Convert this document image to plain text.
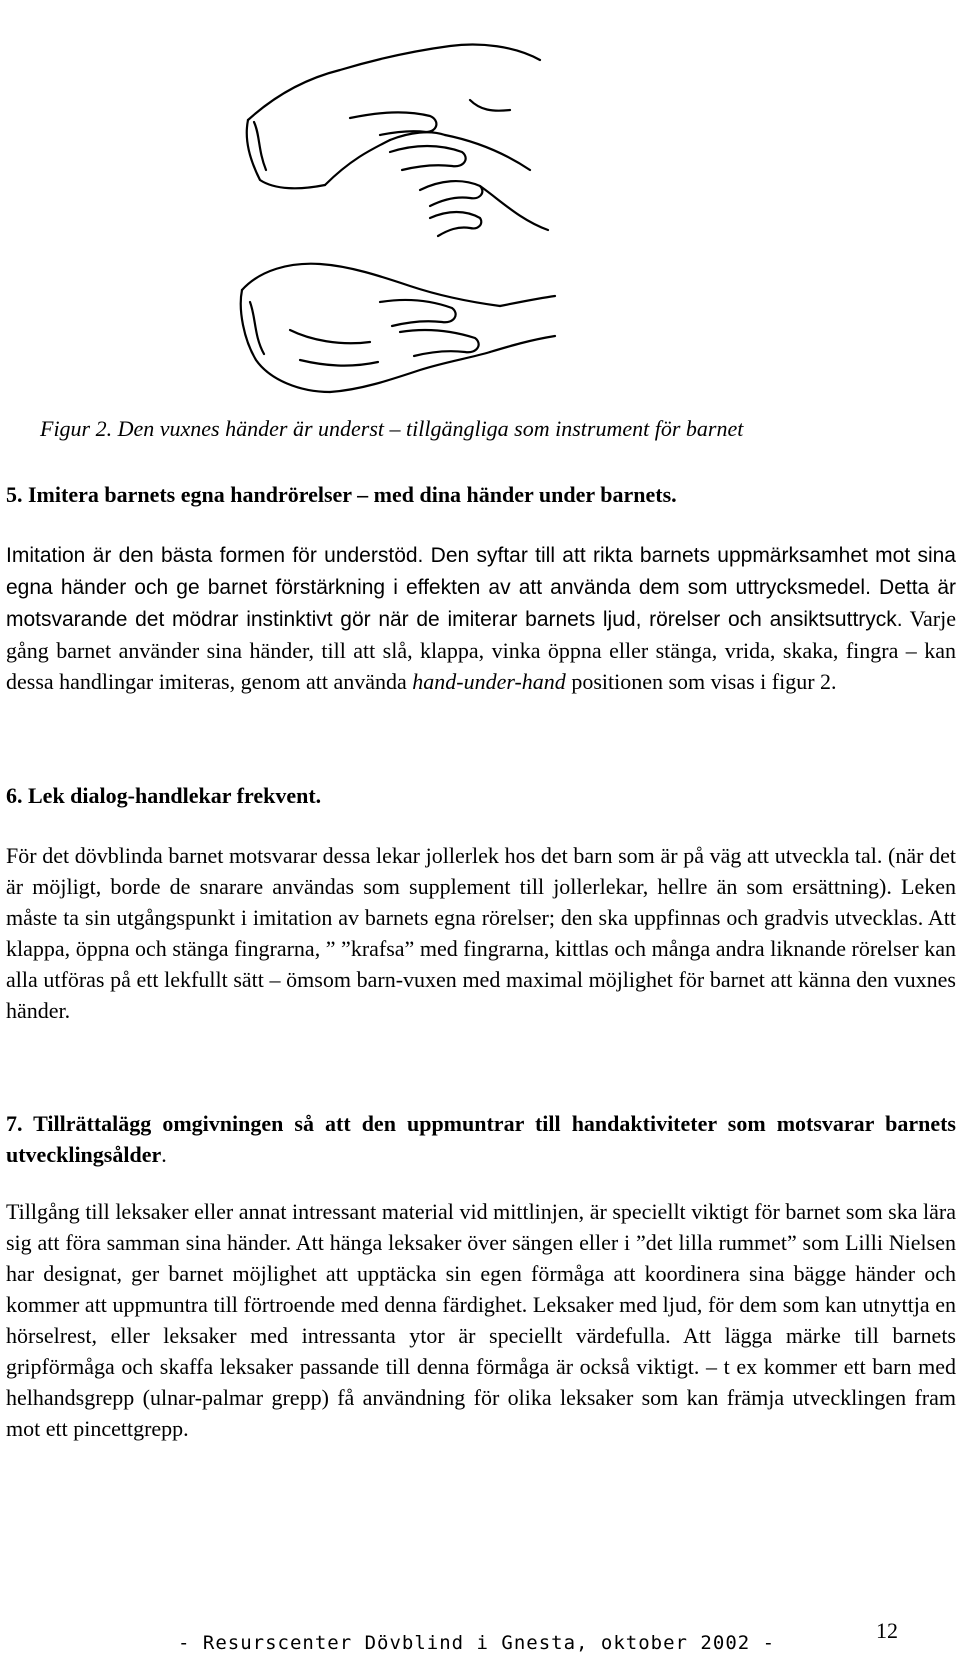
Figur 2. Den vuxnes händer är underst – tillgängliga som instrument för barnet
5. Imitera barnets egna handrörelser – med dina händer under barnets.
Imitation är den bästa formen för understöd. Den syftar till att rikta barnets uppmärksamhet mot sina egna händer och ge barnet förstärkning i effekten av att använda dem som uttrycksmedel. Detta är motsvarande det mödrar instinktivt gör när de imiterar barnets ljud, rörelser och ansiktsuttryck. Varje gång barnet använder sina händer, till att slå, klappa, vinka öppna eller stänga, vrida, skaka, fingra – kan dessa handlingar imiteras, genom att använda hand-under-hand positionen som visas i figur 2.
6. Lek dialog-handlekar frekvent.
För det dövblinda barnet motsvarar dessa lekar jollerlek hos det barn som är på väg att utveckla tal. (när det är möjligt, borde de snarare användas som supplement till jollerlekar, hellre än som ersättning). Leken måste ta sin utgångspunkt i imitation av barnets egna rörelser; den ska uppfinnas och gradvis utvecklas. Att klappa, öppna och stänga fingrarna, ” ”krafsa” med fingrarna, kittlas och många andra liknande rörelser kan alla utföras på ett lekfullt sätt – ömsom barn-vuxen med maximal möjlighet för barnet att känna den vuxnes händer.
7. Tillrättalägg omgivningen så att den uppmuntrar till handaktiviteter som motsvarar barnets utvecklingsålder.
Tillgång till leksaker eller annat intressant material vid mittlinjen, är speciellt viktigt för barnet som ska lära sig att föra samman sina händer. Att hänga leksaker över sängen eller i ”det lilla rummet” som Lilli Nielsen har designat, ger barnet möjlighet att upptäcka sin egen förmåga att koordinera sina bägge händer och kommer att uppmuntra till förtroende med denna färdighet. Leksaker med ljud, för dem som kan utnyttja en hörselrest, eller leksaker med intressanta ytor är speciellt värdefulla. Att lägga märke till barnets gripförmåga och skaffa leksaker passande till denna förmåga är också viktigt. – t ex kommer ett barn med helhandsgrepp (ulnar-palmar grepp) få användning för olika leksaker som kan främja utvecklingen fram mot ett pincettgrepp.
- Resurscenter Dövblind i Gnesta, oktober 2002 -	12
